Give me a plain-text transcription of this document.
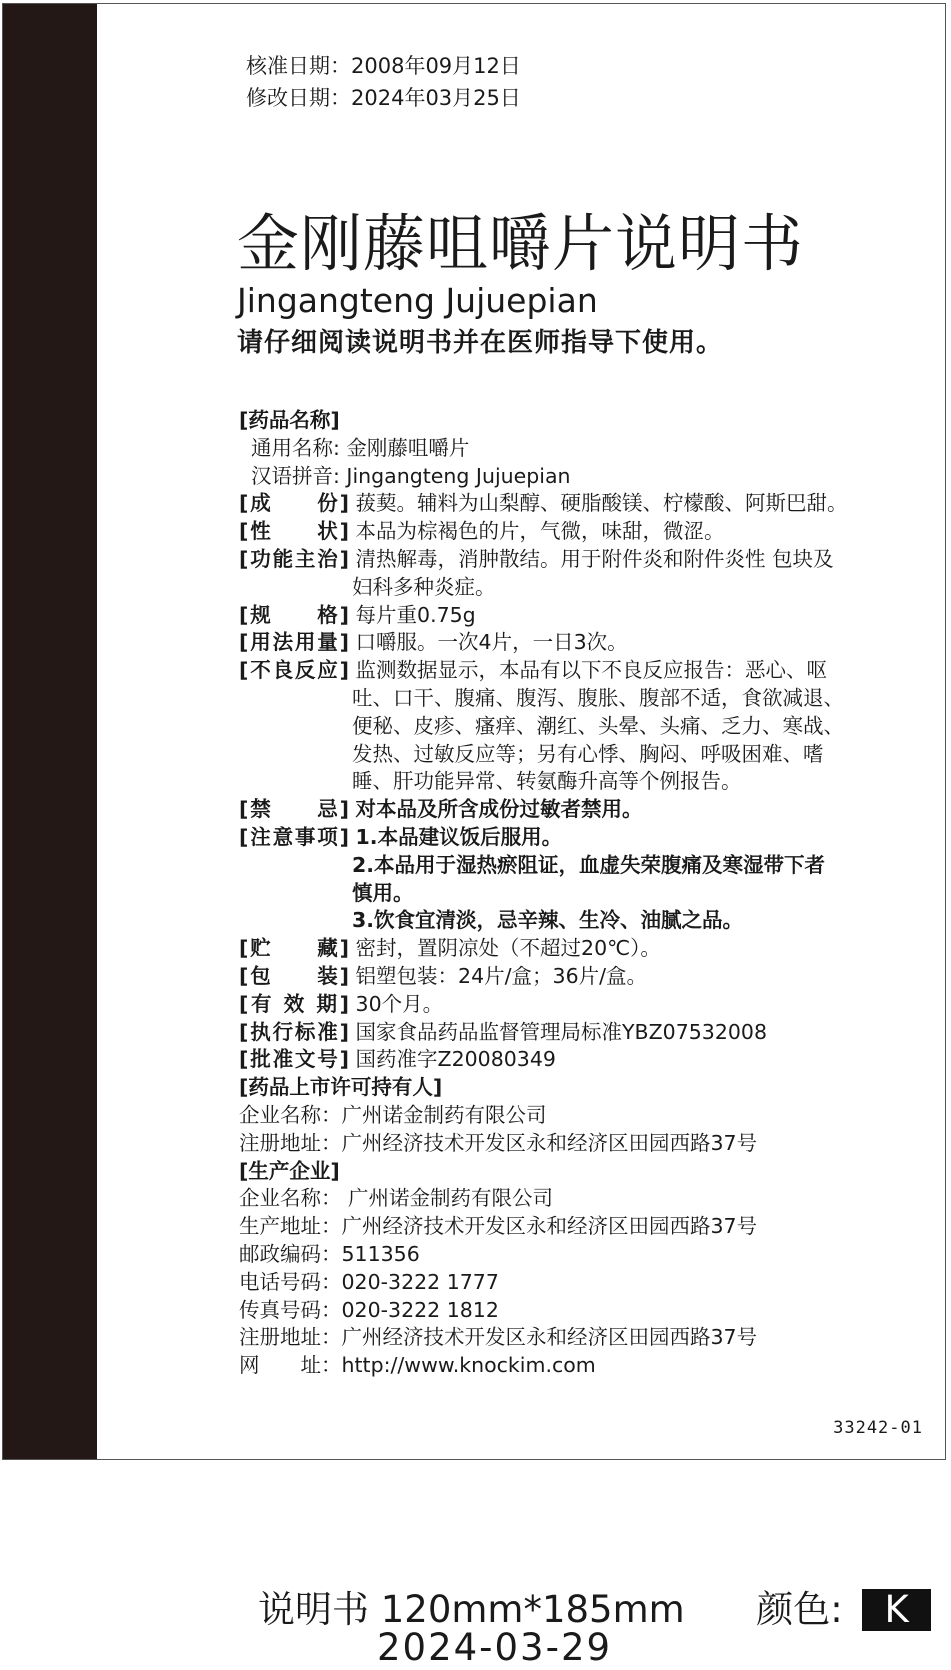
核准日期：2008年09月12日
修改日期：2024年03月25日
金刚藤咀嚼片说明书
Jingangteng Jujuepian
请仔细阅读说明书并在医师指导下使用。
[药品名称]
通用名称: 金刚藤咀嚼片
汉语拼音: Jingangteng Jujuepian
[成　　份] 菝葜。辅料为山梨醇、硬脂酸镁、柠檬酸、阿斯巴甜。
[性　　状] 本品为棕褐色的片，气微，味甜，微涩。
[功能主治] 清热解毒，消肿散结。用于附件炎和附件炎性 包块及
妇科多种炎症。
[规　　格] 每片重0.75g
[用法用量] 口嚼服。一次4片，一日3次。
[不良反应] 监测数据显示，本品有以下不良反应报告：恶心、呕
吐、口干、腹痛、腹泻、腹胀、腹部不适，食欲减退、
便秘、皮疹、瘙痒、潮红、头晕、头痛、乏力、寒战、
发热、过敏反应等；另有心悸、胸闷、呼吸困难、嗜
睡、肝功能异常、转氨酶升高等个例报告。
[禁　　忌] 对本品及所含成份过敏者禁用。
[注意事项] 1.本品建议饭后服用。
2.本品用于湿热瘀阻证，血虚失荣腹痛及寒湿带下者
慎用。
3.饮食宜清淡，忌辛辣、生冷、油腻之品。
[贮　　藏] 密封，置阴凉处（不超过20℃）。
[包　　装] 铝塑包装：24片/盒；36片/盒。
[有 效 期] 30个月。
[执行标准] 国家食品药品监督管理局标准YBZ07532008
[批准文号] 国药准字Z20080349
[药品上市许可持有人]
企业名称：广州诺金制药有限公司
注册地址：广州经济技术开发区永和经济区田园西路37号
[生产企业]
企业名称： 广州诺金制药有限公司
生产地址：广州经济技术开发区永和经济区田园西路37号
邮政编码：511356
电话号码：020-3222 1777
传真号码：020-3222 1812
注册地址：广州经济技术开发区永和经济区田园西路37号
网　　址：http://www.knockim.com
33242-01
说明书 120mm*185mm 颜色: K
2024-03-29
